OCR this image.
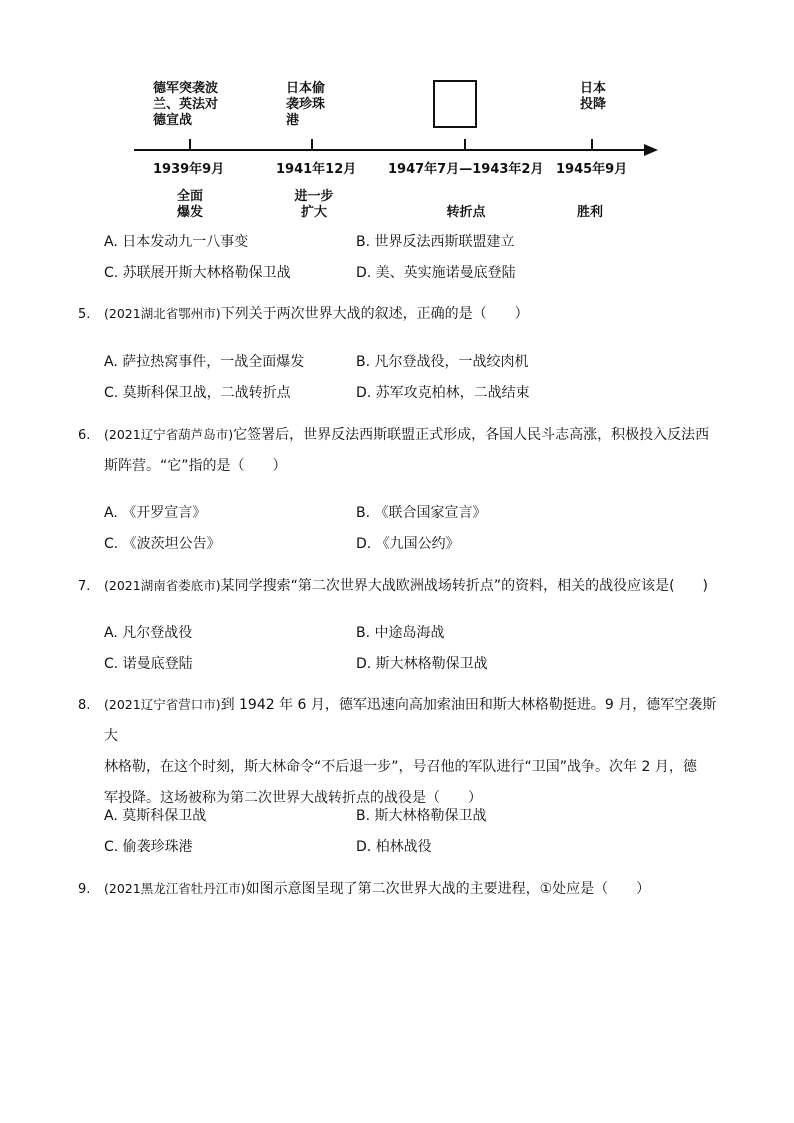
德军突袭波
兰、英法对
德宣战
日本偷
袭珍珠
港
日本
投降
1939年9月	1941年12月 1947年7月—1943年2月 1945年9月
全面
爆发
进一步
扩大	转折点	胜利
A. 日本发动九一八事变	B. 世界反法西斯联盟建立
C. 苏联展开斯大林格勒保卫战	D. 美、英实施诺曼底登陆
5. (2021湖北省鄂州市)下列关于两次世界大战的叙述，正确的是（　　）
A. 萨拉热窝事件，一战全面爆发	B. 凡尔登战役，一战绞肉机
C. 莫斯科保卫战，二战转折点	D. 苏军攻克柏林，二战结束
6. (2021辽宁省葫芦岛市)它签署后，世界反法西斯联盟正式形成，各国人民斗志高涨，积极投入反法西
斯阵营。“它”指的是（　　）
A. 《开罗宣言》	B. 《联合国家宣言》
C. 《波茨坦公告》	D. 《九国公约》
7. (2021湖南省娄底市)某同学搜索“第二次世界大战欧洲战场转折点”的资料，相关的战役应该是(　　)
A. 凡尔登战役	B. 中途岛海战
C. 诺曼底登陆	D. 斯大林格勒保卫战
8. (2021辽宁省营口市)到 1942 年 6 月，德军迅速向高加索油田和斯大林格勒挺进。9 月，德军空袭斯大
林格勒，在这个时刻，斯大林命令“不后退一步”，号召他的军队进行“卫国”战争。次年 2 月，德
军投降。这场被称为第二次世界大战转折点的战役是（　　）
A. 莫斯科保卫战	B. 斯大林格勒保卫战
C. 偷袭珍珠港	D. 柏林战役
9. (2021黑龙江省牡丹江市)如图示意图呈现了第二次世界大战的主要进程，①处应是（　　）
